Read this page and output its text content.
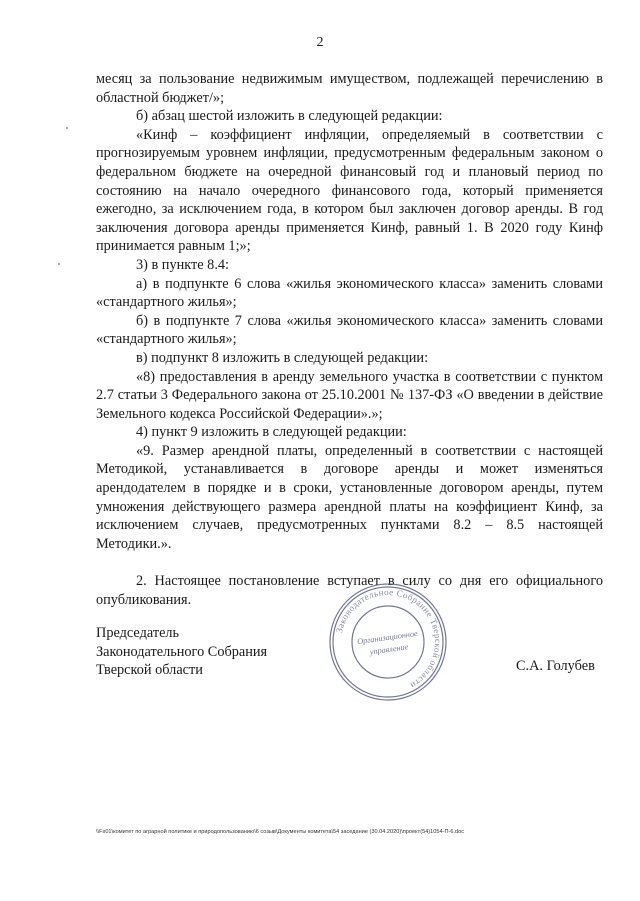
2

месяц за пользование недвижимым имуществом, подлежащей перечислению в областной бюджет/»;

б) абзац шестой изложить в следующей редакции:

«Кинф – коэффициент инфляции, определяемый в соответствии с прогнозируемым уровнем инфляции, предусмотренным федеральным законом о федеральном бюджете на очередной финансовый год и плановый период по состоянию на начало очередного финансового года, который применяется ежегодно, за исключением года, в котором был заключен договор аренды. В год заключения договора аренды применяется Кинф, равный 1. В 2020 году Кинф принимается равным 1;»;

3) в пункте 8.4:

а) в подпункте 6 слова «жилья экономического класса» заменить словами «стандартного жилья»;

б) в подпункте 7 слова «жилья экономического класса» заменить словами «стандартного жилья»;

в) подпункт 8 изложить в следующей редакции:

«8) предоставления в аренду земельного участка в соответствии с пунктом 2.7 статьи 3 Федерального закона от 25.10.2001 № 137-ФЗ «О введении в действие Земельного кодекса Российской Федерации».»;

4) пункт 9 изложить в следующей редакции:

«9. Размер арендной платы, определенный в соответствии с настоящей Методикой, устанавливается в договоре аренды и может изменяться арендодателем в порядке и в сроки, установленные договором аренды, путем умножения действующего размера арендной платы на коэффициент Кинф, за исключением случаев, предусмотренных пунктами 8.2 – 8.5 настоящей Методики.».

2. Настоящее постановление вступает в силу со дня его официального опубликования.

Председатель
Законодательного Собрания
Тверской области
Законодательное Собрание Тверской области
Организационное
управление
С.А. Голубев
\\Fs01\комитет по аграрной политике и природопользованию\6 созыв\Документы комитета\54 заседание (30.04.2020)\проект(54)1054-П-6.doc
